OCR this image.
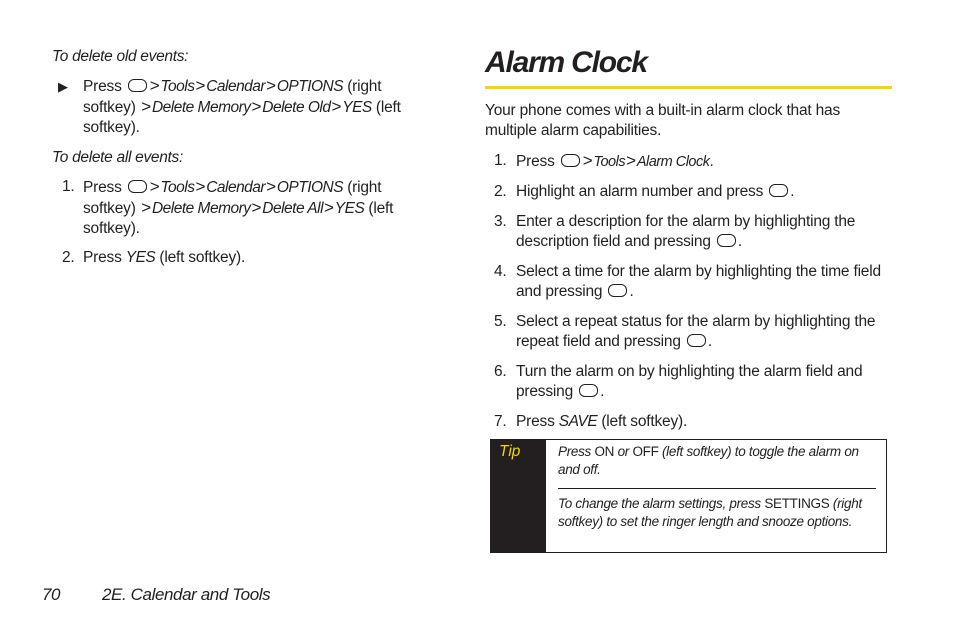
To delete old events:

▶ Press >Tools>Calendar>OPTIONS (right softkey) >Delete Memory>Delete Old>YES (left softkey).

To delete all events:

1. Press >Tools>Calendar>OPTIONS (right softkey) >Delete Memory>Delete All>YES (left softkey).
2. Press YES (left softkey).
Alarm Clock
Your phone comes with a built-in alarm clock that has multiple alarm capabilities.
1. Press >Tools>Alarm Clock.
2. Highlight an alarm number and press .
3. Enter a description for the alarm by highlighting the description field and pressing .
4. Select a time for the alarm by highlighting the time field and pressing .
5. Select a repeat status for the alarm by highlighting the repeat field and pressing .
6. Turn the alarm on by highlighting the alarm field and pressing .
7. Press SAVE (left softkey).
Tip	Press ON or OFF (left softkey) to toggle the alarm on and off.
To change the alarm settings, press SETTINGS (right softkey) to set the ringer length and snooze options.
70 2E. Calendar and Tools
